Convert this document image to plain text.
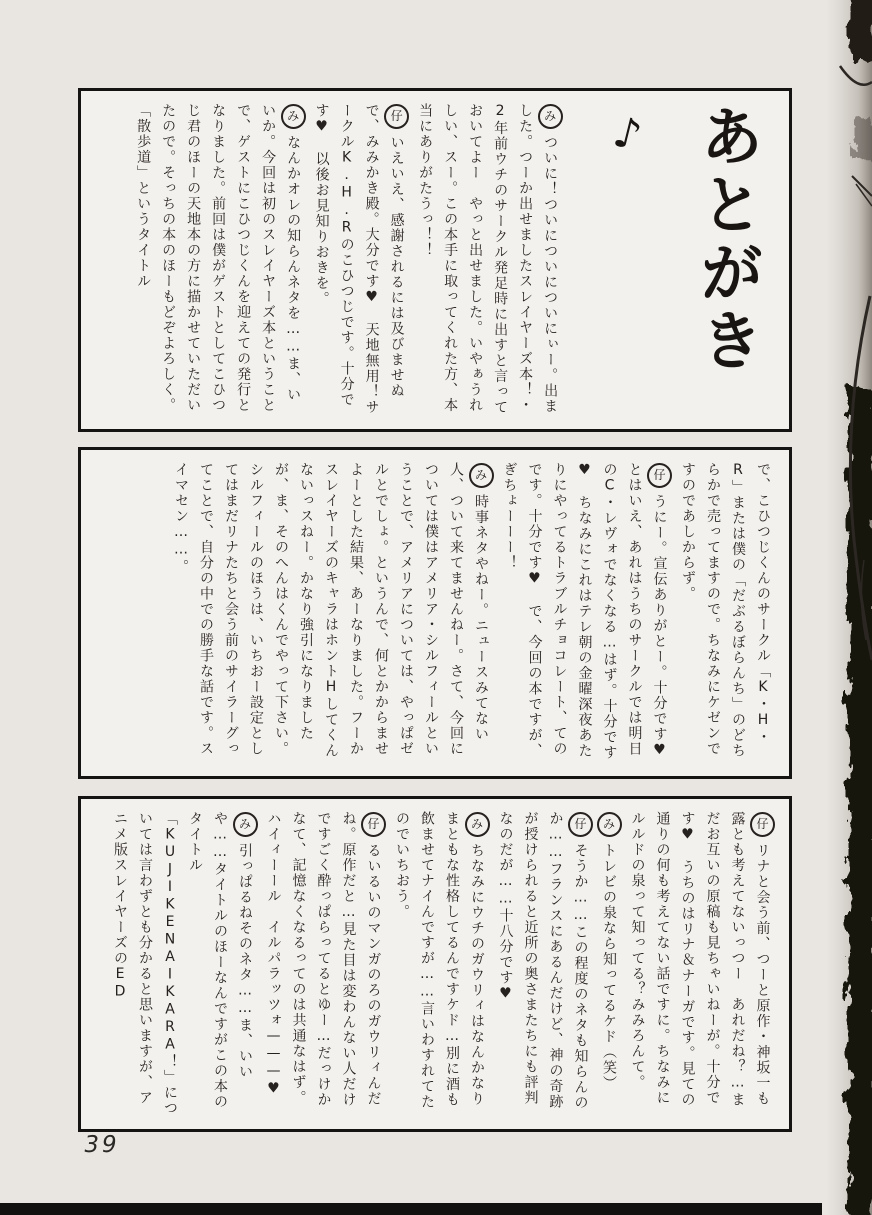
あとがき♪
みついに！ついについについにぃー。出ました。つーか出せましたスレイヤーズ本！・2年前ウチのサークル発足時に出すと言っておいてよー　やっと出せました。いやぁうれしい、スー。この本手に取ってくれた方、本当にありがたうっ！！
仔いえいえ、感謝されるには及びませぬで、みみかき殿。大分です♥　天地無用！サークルK.H.Rのこひつじです。十分です♥　以後お見知りおきを。
みなんかオレの知らんネタを……ま、いいか。今回は初のスレイヤーズ本ということで、ゲストにこひつじくんを迎えての発行となりました。前回は僕がゲストとしてこひつじ君のほーの天地本の方に描かせていただいたので。そっちの本のほーもどぞよろしく。「散歩道」というタイトル
で、こひつじくんのサークル「K・H・R」または僕の「だぶるぼらんち」のどちらかで売ってますので。ちなみにケゼンですのであしからず。
仔うにー。宣伝ありがとー。十分です♥　とはいえ、あれはうちのサークルでは明日のC・レヴォでなくなる…はず。十分です♥　ちなみにこれはテレ朝の金曜深夜あたりにやってるトラブルチョコレート、てのです。十分です♥　で、今回の本ですが、ぎちょーーー！
み時事ネタやねー。ニュースみてない人、ついて来てませんねー。さて、今回については僕はアメリア・シルフィールということで、アメリアについては、やっぱゼルとでしょ。というんで、何とかからませよーとした結果、あーなりました。フーかスレイヤーズのキャラはホントHしてくんないっスねー。かなり強引になりましたが、ま、そのへんはくんでやって下さい。シルフィールのほうは、いちおー設定としてはまだリナたちと会う前のサイラーグってことで、自分の中での勝手な話です。スイマセン……。
仔リナと会う前、つーと原作・神坂一も露とも考えてないっつー　あれだね？…まだお互いの原稿も見ちゃいねーが。十分です♥　うちのはリナ＆ナーガです。見ての通りの何も考えてない話ですに。ちなみにルルドの泉って知ってる？みみろんて。
みトレビの泉なら知ってるケド（笑）
仔そうか……この程度のネタも知らんのか……フランスにあるんだけど、神の奇跡が授けられると近所の奥さまたちにも評判なのだが……十八分です♥
みちなみにウチのガウリィはなんかなりまともな性格してるんですケド…別に酒も飲ませてナイんですが……言いわすれてたのでいちおう。
仔るいるいのマンガのろのガウリィんだね。原作だと…見た目は変わんない人だけですごく酔っぱらってるとゆー…だっけかなて、記憶なくなるってのは共通なはず。ハイィーール　イルパラッツォ———♥
み引っぱるねそのネタ……ま、いいや……タイトルのほーなんですがこの本のタイトル「KUJIKENAIKARA！」については言わずとも分かると思いますが、アニメ版スレイヤーズのED
39
